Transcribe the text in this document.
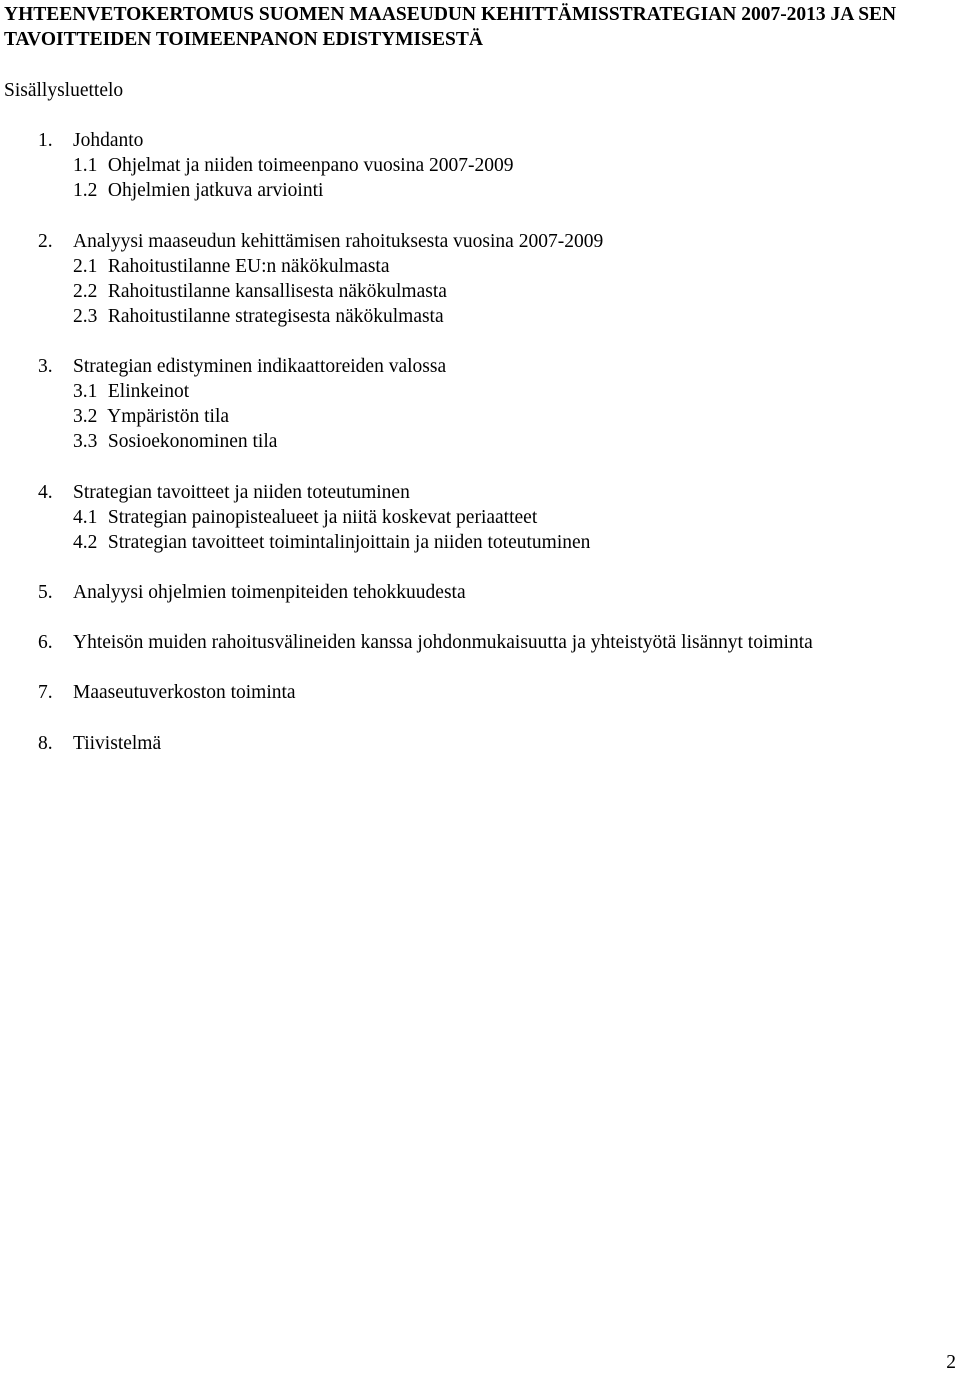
YHTEENVETOKERTOMUS SUOMEN MAASEUDUN KEHITTÄMISSTRATEGIAN 2007-2013 JA SEN TAVOITTEIDEN TOIMEENPANON EDISTYMISESTÄ

Sisällysluettelo

1. Johdanto
1.1 Ohjelmat ja niiden toimeenpano vuosina 2007-2009
1.2 Ohjelmien jatkuva arviointi
2. Analyysi maaseudun kehittämisen rahoituksesta vuosina 2007-2009
2.1 Rahoitustilanne EU:n näkökulmasta
2.2 Rahoitustilanne kansallisesta näkökulmasta
2.3 Rahoitustilanne strategisesta näkökulmasta
3. Strategian edistyminen indikaattoreiden valossa
3.1 Elinkeinot
3.2 Ympäristön tila
3.3 Sosioekonominen tila
4. Strategian tavoitteet ja niiden toteutuminen
4.1 Strategian painopistealueet ja niitä koskevat periaatteet
4.2 Strategian tavoitteet toimintalinjoittain ja niiden toteutuminen
5. Analyysi ohjelmien toimenpiteiden tehokkuudesta
6. Yhteisön muiden rahoitusvälineiden kanssa johdonmukaisuutta ja yhteistyötä lisännyt toiminta
7. Maaseutuverkoston toiminta
8. Tiivistelmä
2
